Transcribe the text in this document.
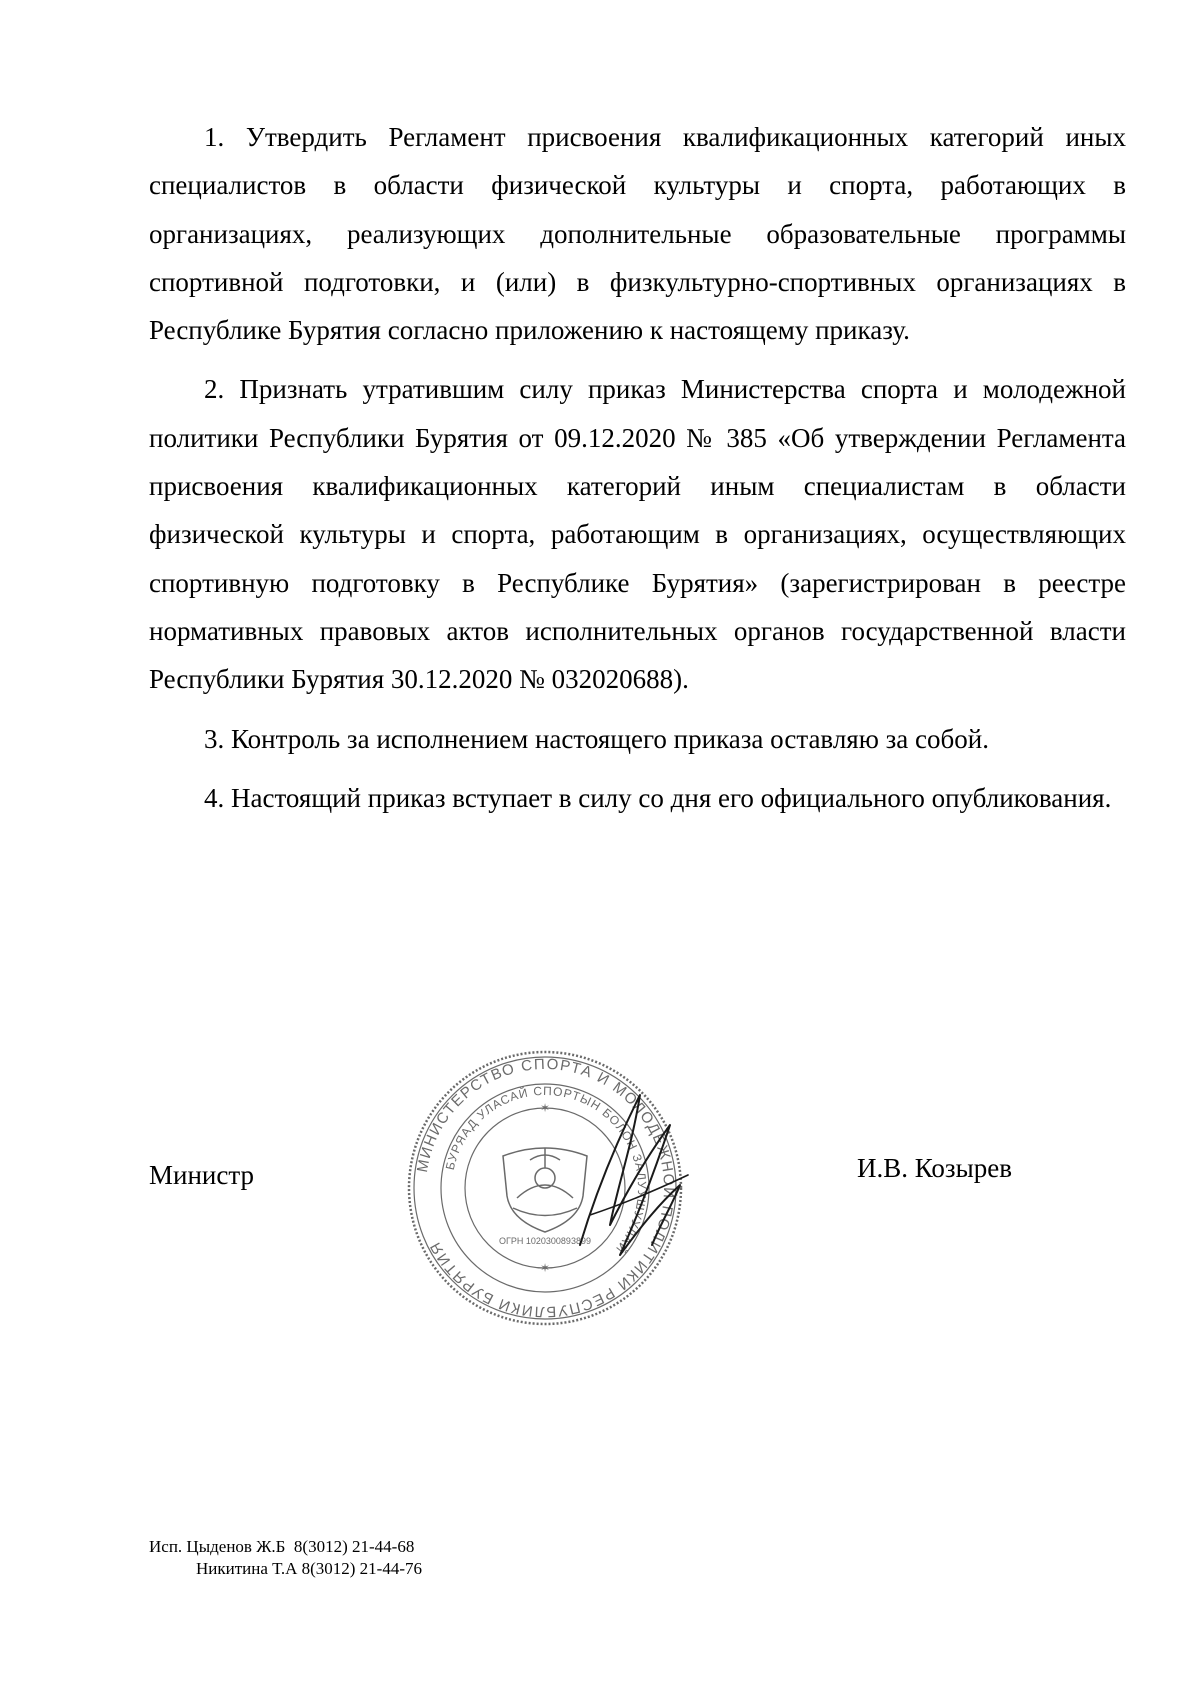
1. Утвердить Регламент присвоения квалификационных категорий иных специалистов в области физической культуры и спорта, работающих в организациях, реализующих дополнительные образовательные программы спортивной подготовки, и (или) в физкультурно-спортивных организациях в Республике Бурятия согласно приложению к настоящему приказу.

2. Признать утратившим силу приказ Министерства спорта и молодежной политики Республики Бурятия от 09.12.2020 № 385 «Об утверждении Регламента присвоения квалификационных категорий иным специалистам в области физической культуры и спорта, работающим в организациях, осуществляющих спортивную подготовку в Республике Бурятия» (зарегистрирован в реестре нормативных правовых актов исполнительных органов государственной власти Республики Бурятия 30.12.2020 № 032020688).

3. Контроль за исполнением настоящего приказа оставляю за собой.

4. Настоящий приказ вступает в силу со дня его официального опубликования.

Министр	МИНИСТЕРСТВО СПОРТА И МОЛОДЕЖНОЙ ПОЛИТИКИ РЕСПУБЛИКИ БУРЯТИЯ
БУРЯАД УЛАСАЙ СПОРТЫН БОЛОН ЗАЛУУШУУЛАЙ
ОГРН 1020300893899
✶
✶

И.В. Козырев

Исп. Цыденов Ж.Б  8(3012) 21-44-68

Никитина Т.А 8(3012) 21-44-76
